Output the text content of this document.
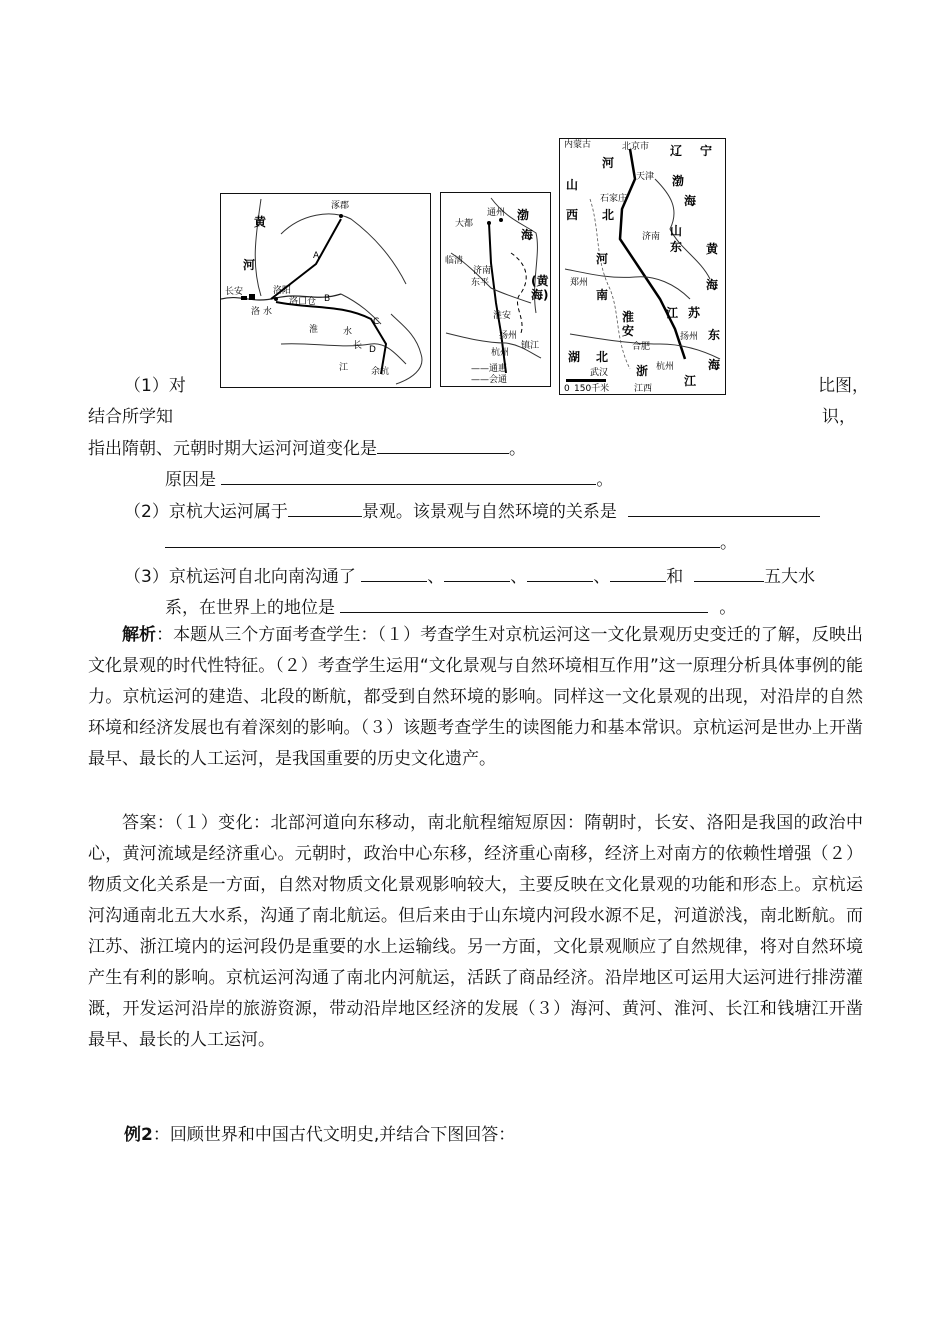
涿郡
黄
河
长安	洛阳
洛口仓
洛 水
淮	水
A
B
C
D
长
江	余杭
大都
通州 渤
海
临清
济南
东平	(黄
海)
淮安
扬州
杭州
镇江
——通惠
——会通
内蒙古	北京市 辽 宁
渤
海
天津
石家庄
河
北
山
西
济南 山
东 黄
海
郑州
河
南
淮
安
合肥
江 苏
扬州
湖 北
武汉
杭州
东
海
浙
江
江西
0 150千米
（1）对	比图，
结合所学知	识，
指出隋朝、元朝时期大运河河道变化是	。
原因是	。
（2）京杭大运河属于	景观。该景观与自然环境的关系是
。
（3）京杭运河自北向南沟通了	、	、	、	和	五大水
系，在世界上的地位是	。
解析：本题从三个方面考查学生：（１）考查学生对京杭运河这一文化景观历史变迁的了解，反映出文化景观的时代性特征。（２）考查学生运用“文化景观与自然环境相互作用”这一原理分析具体事例的能力。京杭运河的建造、北段的断航，都受到自然环境的影响。同样这一文化景观的出现，对沿岸的自然环境和经济发展也有着深刻的影响。（３）该题考查学生的读图能力和基本常识。京杭运河是世办上开凿最早、最长的人工运河，是我国重要的历史文化遗产。
答案：（１）变化：北部河道向东移动，南北航程缩短原因：隋朝时，长安、洛阳是我国的政治中心，黄河流域是经济重心。元朝时，政治中心东移，经济重心南移，经济上对南方的依赖性增强（２）物质文化关系是一方面，自然对物质文化景观影响较大，主要反映在文化景观的功能和形态上。京杭运河沟通南北五大水系，沟通了南北航运。但后来由于山东境内河段水源不足，河道淤浅，南北断航。而江苏、浙江境内的运河段仍是重要的水上运输线。另一方面，文化景观顺应了自然规律，将对自然环境产生有利的影响。京杭运河沟通了南北内河航运，活跃了商品经济。沿岸地区可运用大运河进行排涝灌溉，开发运河沿岸的旅游资源，带动沿岸地区经济的发展（３）海河、黄河、淮河、长江和钱塘江开凿最早、最长的人工运河。
例2：回顾世界和中国古代文明史,并结合下图回答：
